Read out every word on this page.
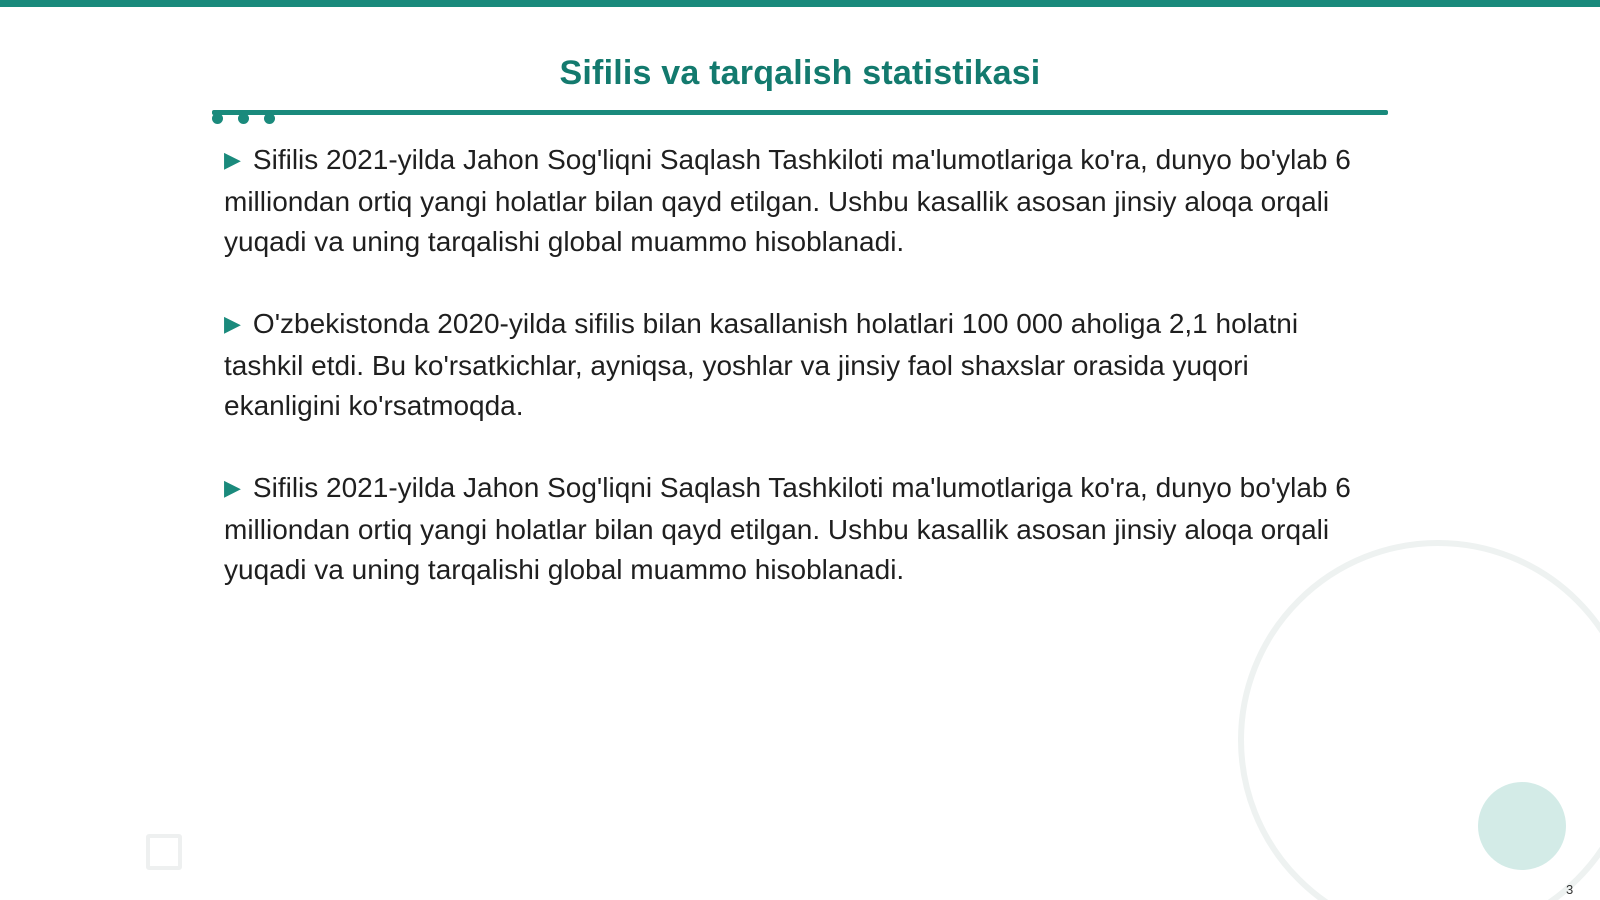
Sifilis va tarqalish statistikasi

▶ Sifilis 2021-yilda Jahon Sog'liqni Saqlash Tashkiloti ma'lumotlariga ko'ra, dunyo bo'ylab 6 milliondan ortiq yangi holatlar bilan qayd etilgan. Ushbu kasallik asosan jinsiy aloqa orqali yuqadi va uning tarqalishi global muammo hisoblanadi.

▶ O'zbekistonda 2020-yilda sifilis bilan kasallanish holatlari 100 000 aholiga 2,1 holatni tashkil etdi. Bu ko'rsatkichlar, ayniqsa, yoshlar va jinsiy faol shaxslar orasida yuqori ekanligini ko'rsatmoqda.

▶ Sifilis 2021-yilda Jahon Sog'liqni Saqlash Tashkiloti ma'lumotlariga ko'ra, dunyo bo'ylab 6 milliondan ortiq yangi holatlar bilan qayd etilgan. Ushbu kasallik asosan jinsiy aloqa orqali yuqadi va uning tarqalishi global muammo hisoblanadi.

3
